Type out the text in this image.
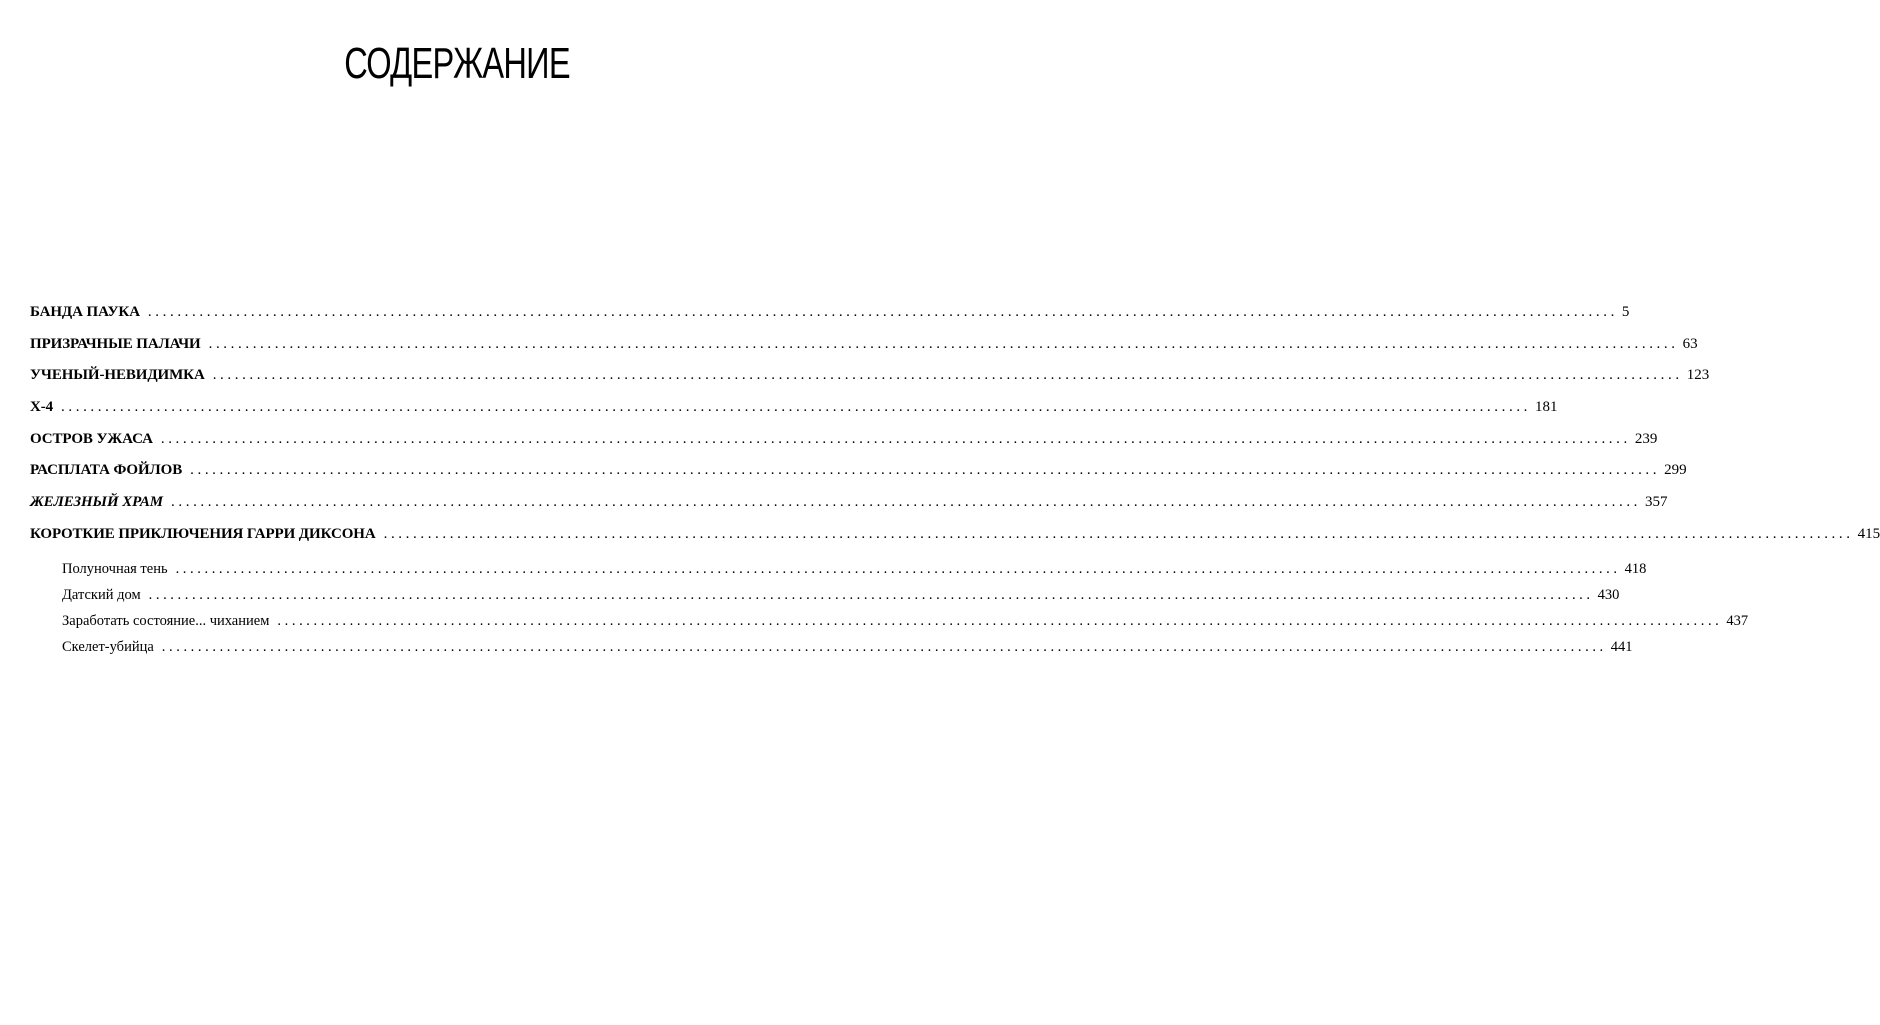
СОДЕРЖАНИЕ
БАНДА ПАУКА ........................................................................................................................................................................................................ 5
ПРИЗРАЧНЫЕ ПАЛАЧИ ........................................................................................................................................................................................................ 63
УЧЕНЫЙ-НЕВИДИМКА ........................................................................................................................................................................................................ 123
X-4 ........................................................................................................................................................................................................ 181
ОСТРОВ УЖАСА ........................................................................................................................................................................................................ 239
РАСПЛАТА ФОЙЛОВ ........................................................................................................................................................................................................ 299
ЖЕЛЕЗНЫЙ ХРАМ ........................................................................................................................................................................................................ 357
КОРОТКИЕ ПРИКЛЮЧЕНИЯ ГАРРИ ДИКСОНА ........................................................................................................................................................................................................ 415
Полуночная тень ........................................................................................................................................................................................................ 418
Датский дом ........................................................................................................................................................................................................ 430
Заработать состояние... чиханием ........................................................................................................................................................................................................ 437
Скелет-убийца ........................................................................................................................................................................................................ 441
